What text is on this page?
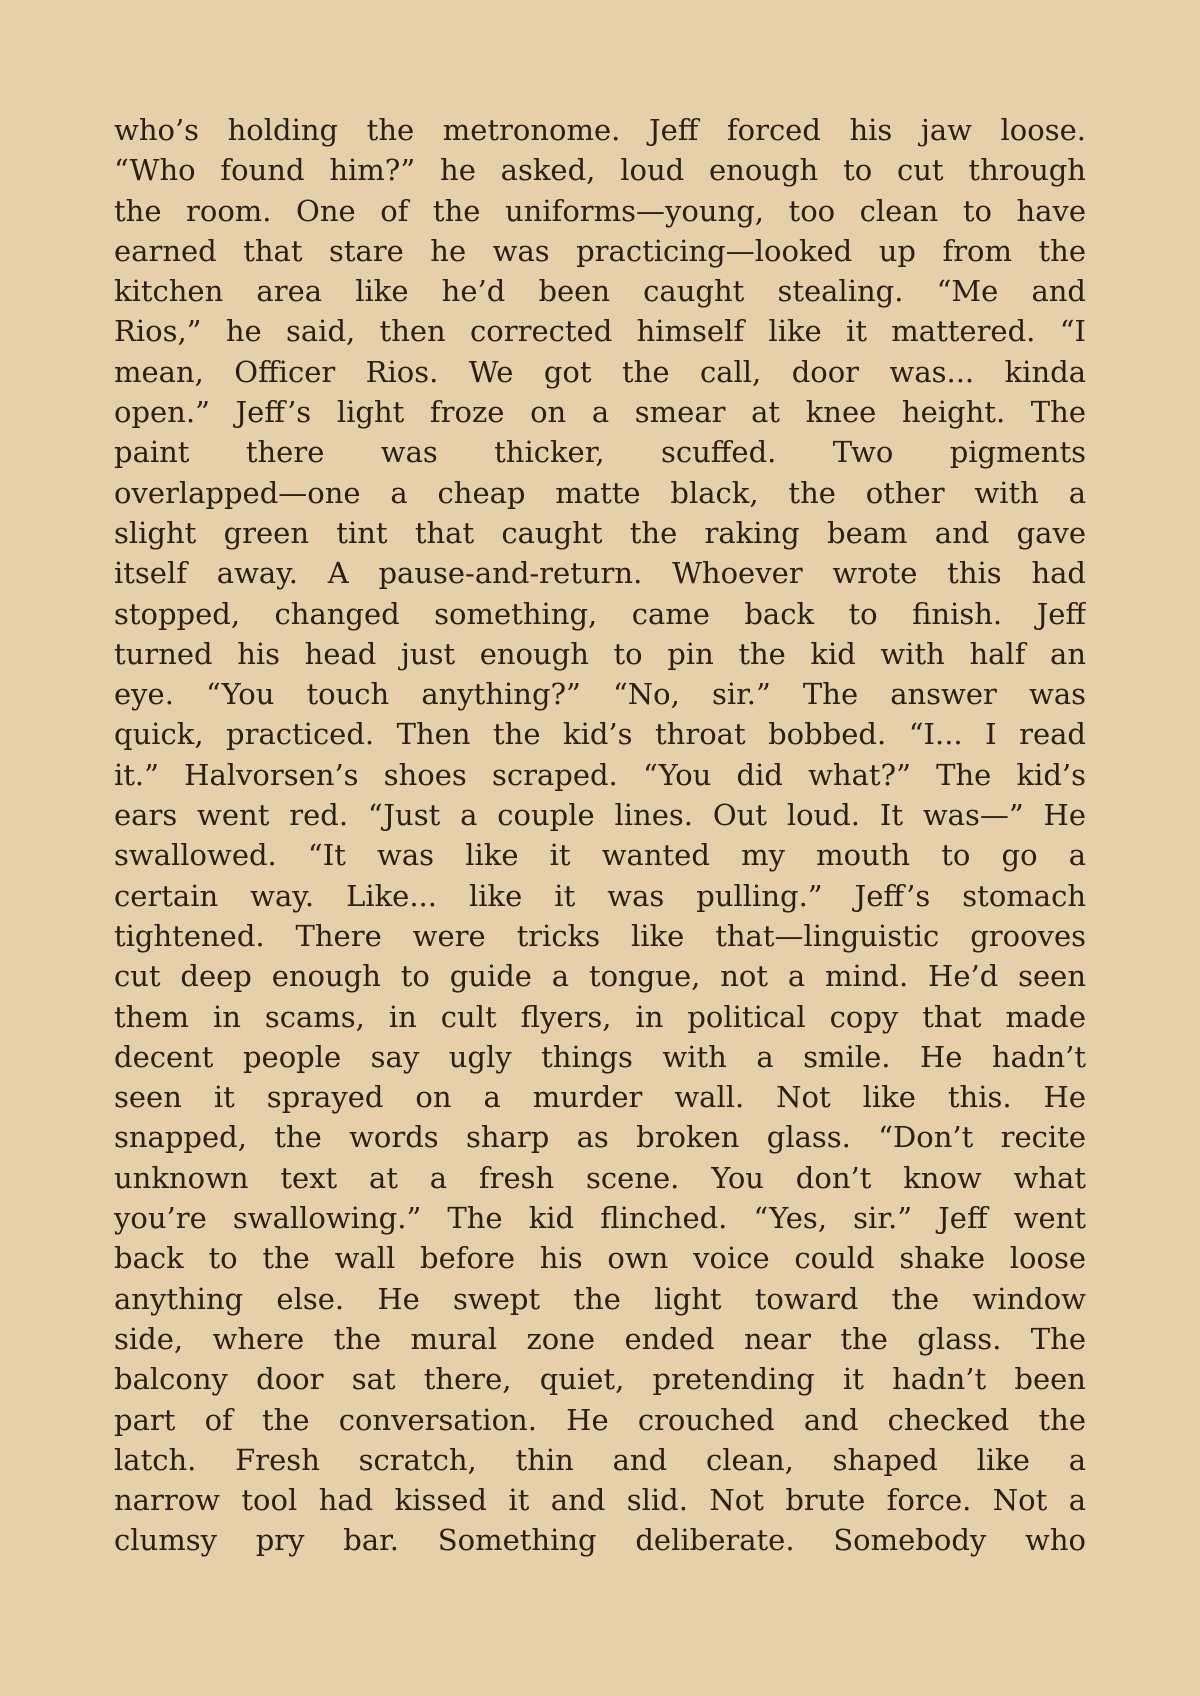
who’s holding the metronome. Jeff forced his jaw loose.
“Who found him?” he asked, loud enough to cut through
the room. One of the uniforms—young, too clean to have
earned that stare he was practicing—looked up from the
kitchen area like he’d been caught stealing. “Me and
Rios,” he said, then corrected himself like it mattered. “I
mean, Officer Rios. We got the call, door was... kinda
open.” Jeff’s light froze on a smear at knee height. The
paint there was thicker, scuffed. Two pigments
overlapped—one a cheap matte black, the other with a
slight green tint that caught the raking beam and gave
itself away. A pause-and-return. Whoever wrote this had
stopped, changed something, came back to finish. Jeff
turned his head just enough to pin the kid with half an
eye. “You touch anything?” “No, sir.” The answer was
quick, practiced. Then the kid’s throat bobbed. “I... I read
it.” Halvorsen’s shoes scraped. “You did what?” The kid’s
ears went red. “Just a couple lines. Out loud. It was—” He
swallowed. “It was like it wanted my mouth to go a
certain way. Like... like it was pulling.” Jeff’s stomach
tightened. There were tricks like that—linguistic grooves
cut deep enough to guide a tongue, not a mind. He’d seen
them in scams, in cult flyers, in political copy that made
decent people say ugly things with a smile. He hadn’t
seen it sprayed on a murder wall. Not like this. He
snapped, the words sharp as broken glass. “Don’t recite
unknown text at a fresh scene. You don’t know what
you’re swallowing.” The kid flinched. “Yes, sir.” Jeff went
back to the wall before his own voice could shake loose
anything else. He swept the light toward the window
side, where the mural zone ended near the glass. The
balcony door sat there, quiet, pretending it hadn’t been
part of the conversation. He crouched and checked the
latch. Fresh scratch, thin and clean, shaped like a
narrow tool had kissed it and slid. Not brute force. Not a
clumsy pry bar. Something deliberate. Somebody who
